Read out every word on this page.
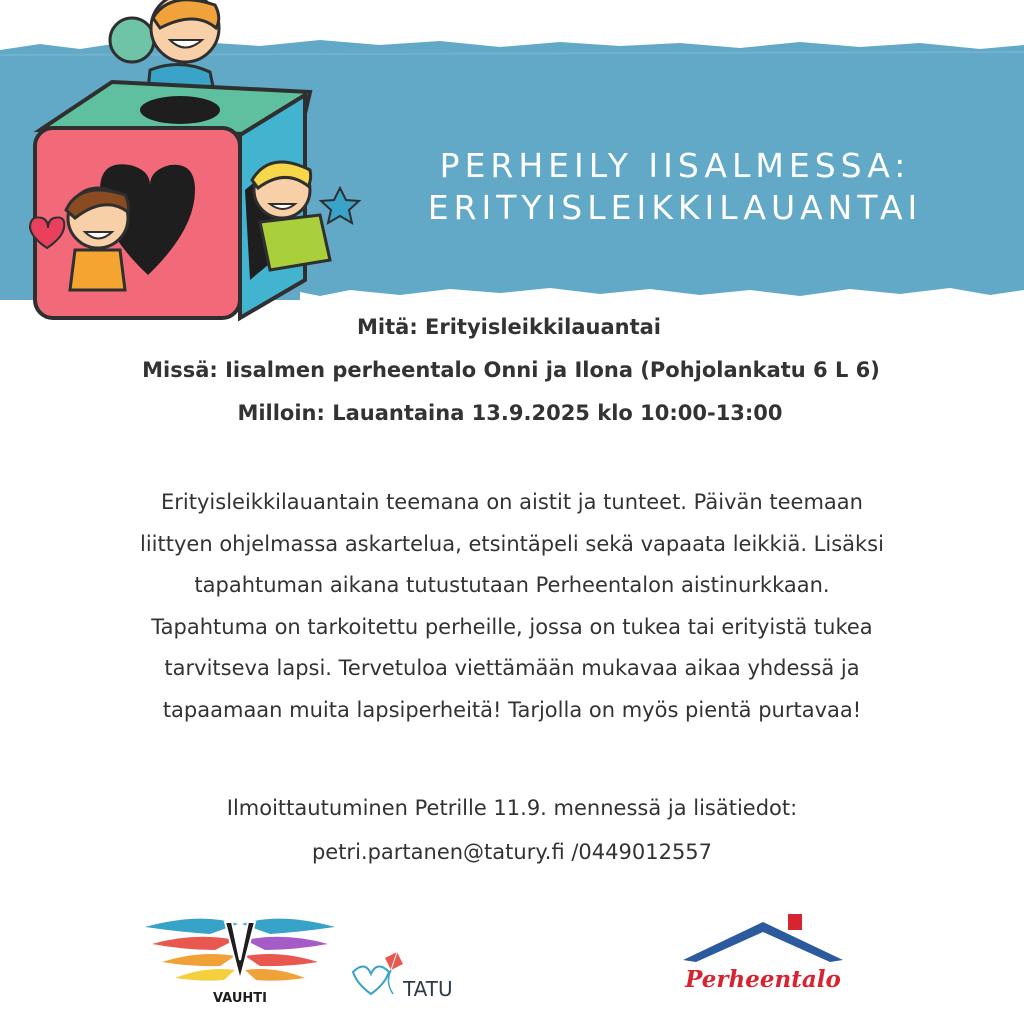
PERHEILY IISALMESSA:
ERITYISLEIKKILAUANTAI
Mitä: Erityisleikkilauantai
Missä: Iisalmen perheentalo Onni ja Ilona (Pohjolankatu 6 L 6)
Milloin: Lauantaina 13.9.2025 klo 10:00-13:00
Erityisleikkilauantain teemana on aistit ja tunteet. Päivän teemaan
liittyen ohjelmassa askartelua, etsintäpeli sekä vapaata leikkiä. Lisäksi
tapahtuman aikana tutustutaan Perheentalon aistinurkkaan.
Tapahtuma on tarkoitettu perheille, jossa on tukea tai erityistä tukea
tarvitseva lapsi. Tervetuloa viettämään mukavaa aikaa yhdessä ja
tapaamaan muita lapsiperheitä! Tarjolla on myös pientä purtavaa!
Ilmoittautuminen Petrille 11.9. mennessä ja lisätiedot:
petri.partanen@tatury.fi /0449012557
VAUHTI	TATU	Perheentalo
